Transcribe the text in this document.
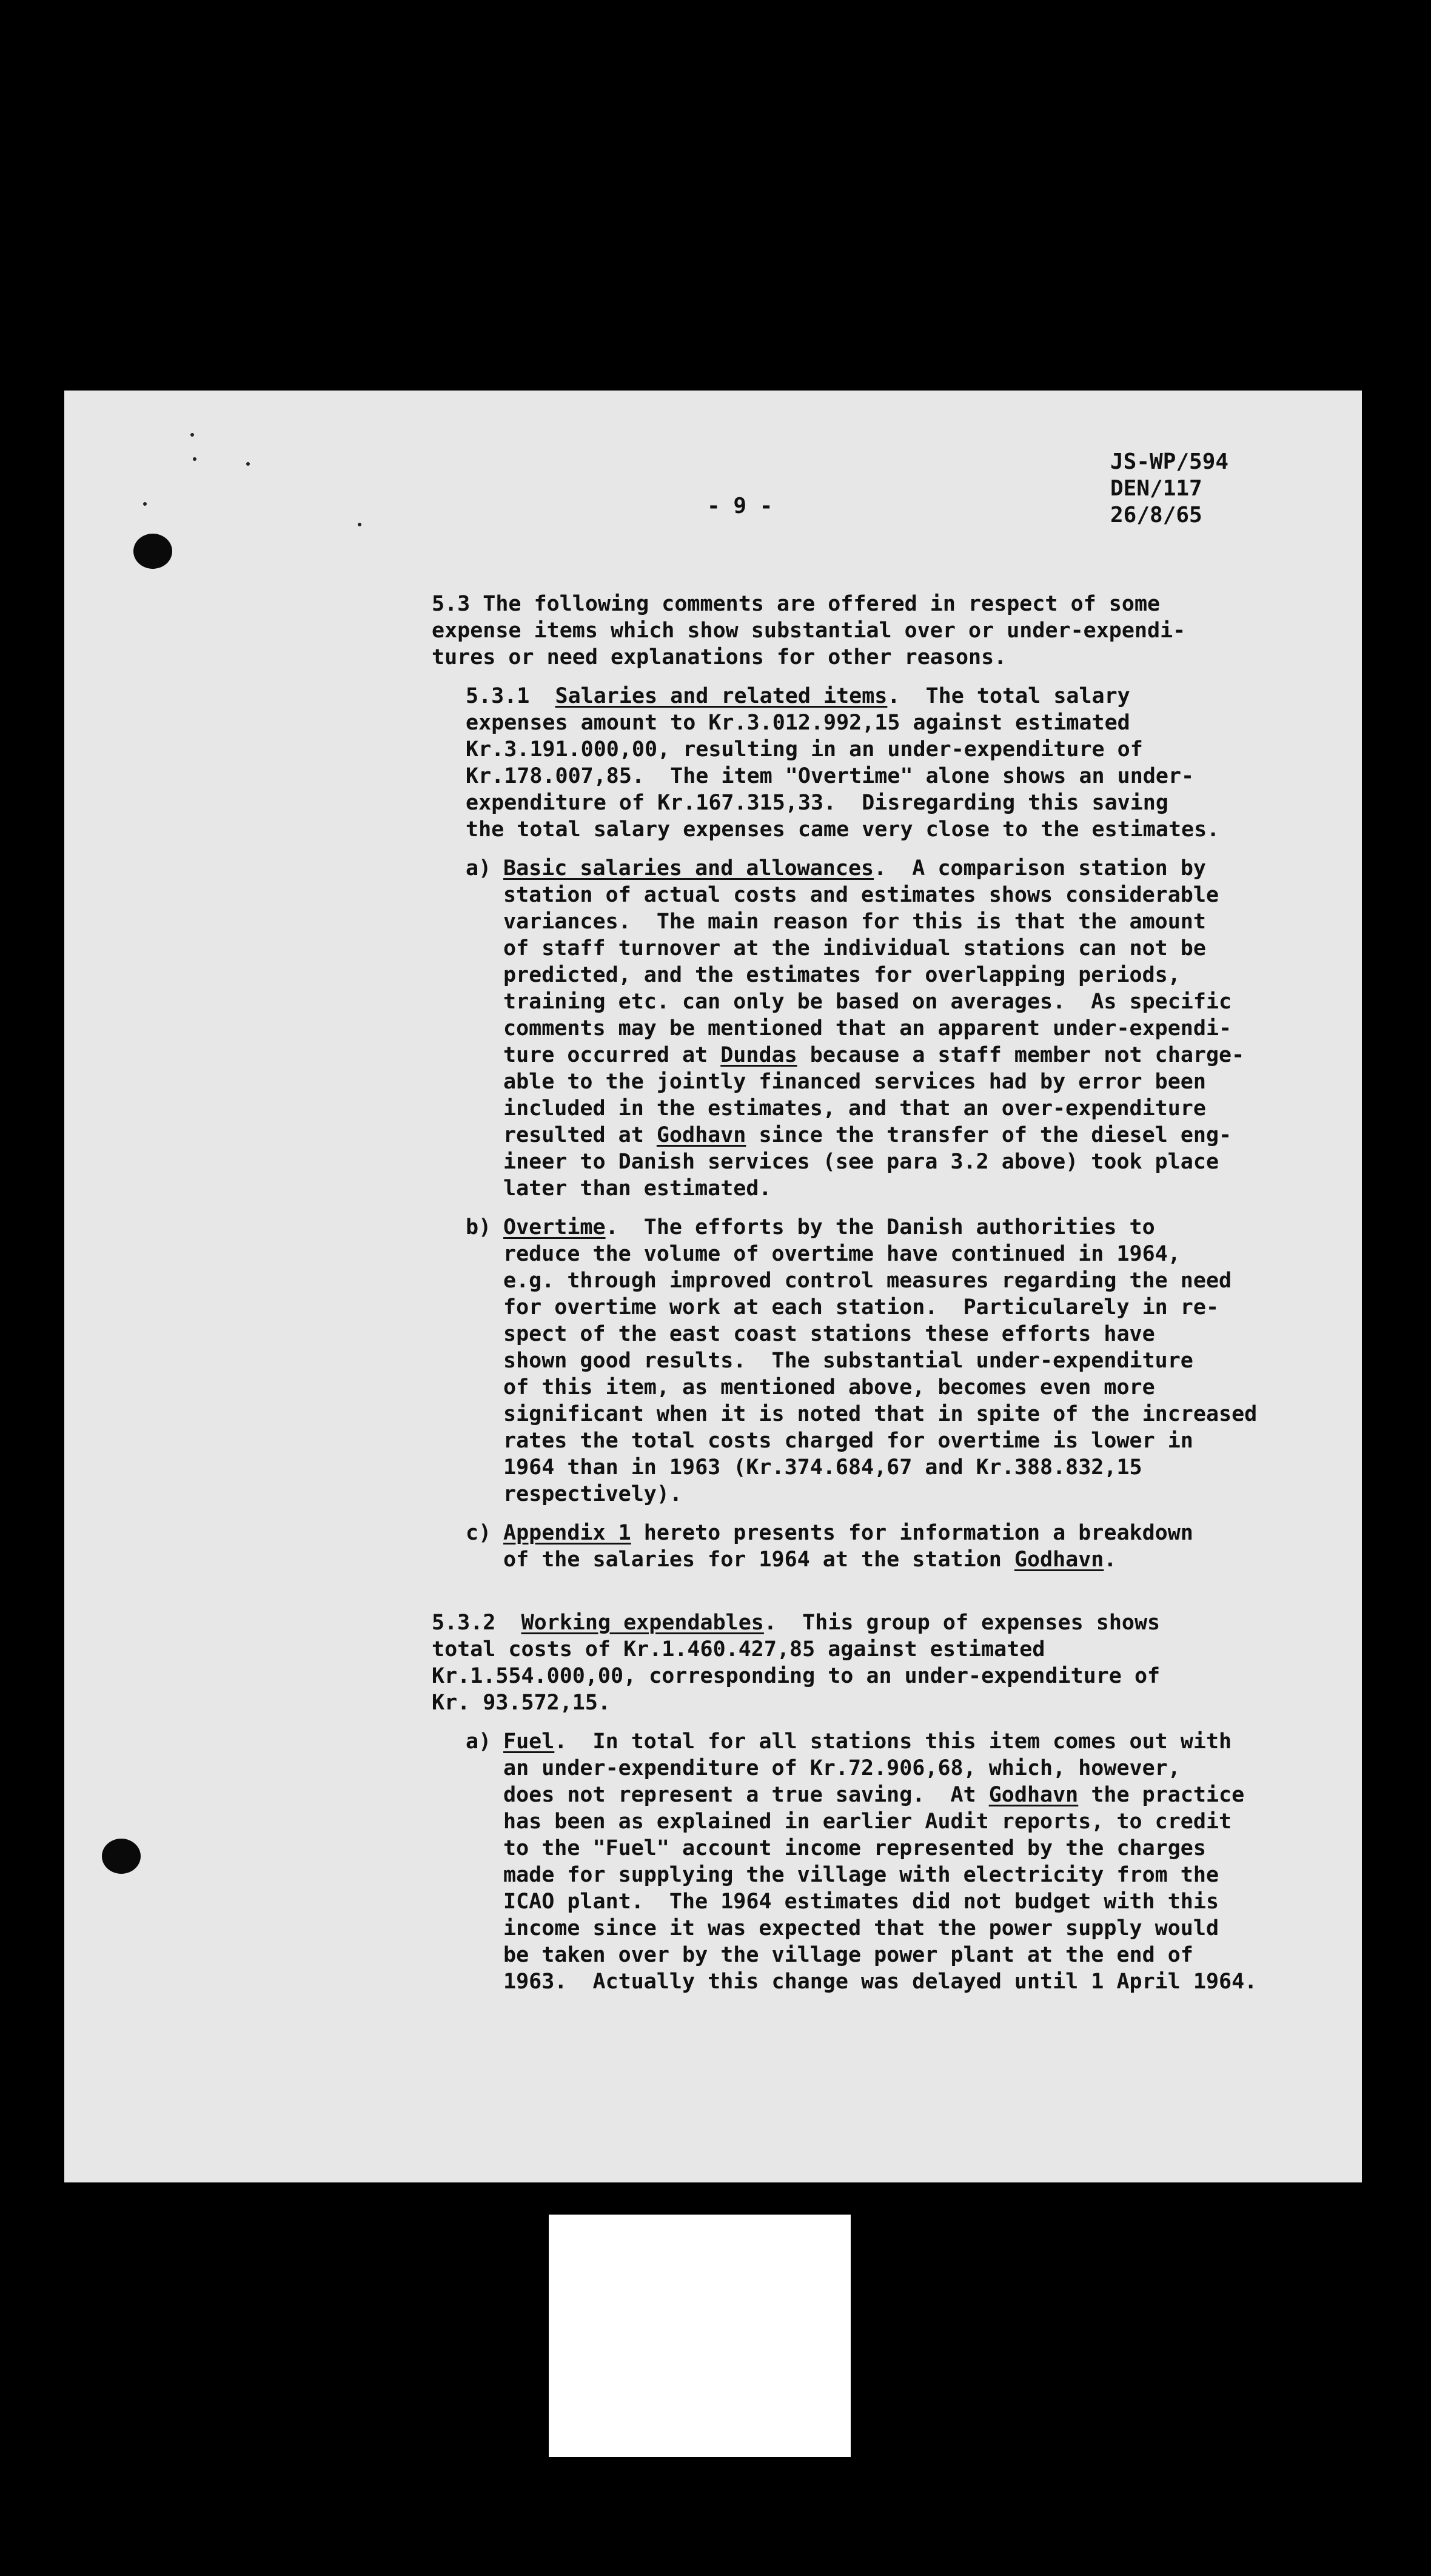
JS-WP/594
DEN/117
26/8/65
- 9 -
5.3 The following comments are offered in respect of some
expense items which show substantial over or under-expendi-
tures or need explanations for other reasons.
5.3.1 Salaries and related items.  The total salary
expenses amount to Kr.3.012.992,15 against estimated
Kr.3.191.000,00, resulting in an under-expenditure of
Kr.178.007,85.  The item "Overtime" alone shows an under-
expenditure of Kr.167.315,33.  Disregarding this saving
the total salary expenses came very close to the estimates.
a) Basic salaries and allowances.  A comparison station by
station of actual costs and estimates shows considerable
variances.  The main reason for this is that the amount
of staff turnover at the individual stations can not be
predicted, and the estimates for overlapping periods,
training etc. can only be based on averages.  As specific
comments may be mentioned that an apparent under-expendi-
ture occurred at Dundas because a staff member not charge-
able to the jointly financed services had by error been
included in the estimates, and that an over-expenditure
resulted at Godhavn since the transfer of the diesel eng-
ineer to Danish services (see para 3.2 above) took place
later than estimated.
b) Overtime.  The efforts by the Danish authorities to
reduce the volume of overtime have continued in 1964,
e.g. through improved control measures regarding the need
for overtime work at each station.  Particularely in re-
spect of the east coast stations these efforts have
shown good results.  The substantial under-expenditure
of this item, as mentioned above, becomes even more
significant when it is noted that in spite of the increased
rates the total costs charged for overtime is lower in
1964 than in 1963 (Kr.374.684,67 and Kr.388.832,15
respectively).
c) Appendix 1 hereto presents for information a breakdown
of the salaries for 1964 at the station Godhavn.
5.3.2 Working expendables.  This group of expenses shows
total costs of Kr.1.460.427,85 against estimated
Kr.1.554.000,00, corresponding to an under-expenditure of
Kr. 93.572,15.
a) Fuel.  In total for all stations this item comes out with
an under-expenditure of Kr.72.906,68, which, however,
does not represent a true saving.  At Godhavn the practice
has been as explained in earlier Audit reports, to credit
to the "Fuel" account income represented by the charges
made for supplying the village with electricity from the
ICAO plant.  The 1964 estimates did not budget with this
income since it was expected that the power supply would
be taken over by the village power plant at the end of
1963.  Actually this change was delayed until 1 April 1964.
